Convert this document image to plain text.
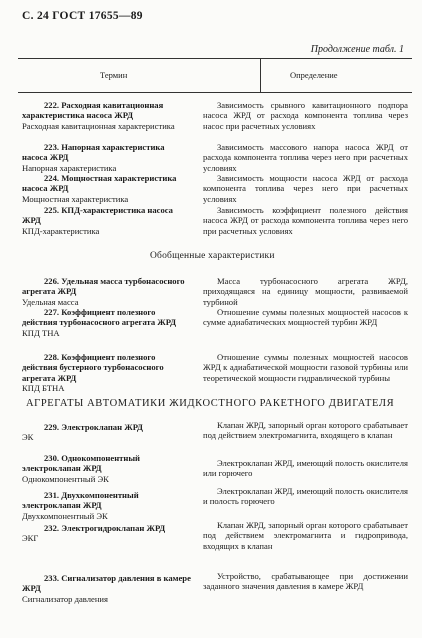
С. 24 ГОСТ 17655—89
Продолжение табл. 1
Термин	Определение

222. Расходная кавитационная характеристика насоса ЖРД

Расходная кавитационная характеристика

Зависимость срывного кавитационного подпора насоса ЖРД от расхода компонента топлива через насос при расчетных условиях

223. Напорная характеристика насоса ЖРД

Напорная характеристика

Зависимость массового напора насоса ЖРД от расхода компонента топлива через него при расчетных условиях

224. Мощностная характеристика насоса ЖРД

Мощностная характеристика

Зависимость мощности насоса ЖРД от расхода компонента топлива через него при расчетных условиях

225. КПД-характеристика насоса ЖРД

КПД-характеристика

Зависимость коэффициент полезного действия насоса ЖРД от расхода компонента топлива через него при расчетных условиях

Обобщенные характеристики

226. Удельная масса турбонасосного агрегата ЖРД

Удельная масса

Масса турбонасосного агрегата ЖРД, приходящаяся на единицу мощности, развиваемой турбиной

227. Коэффициент полезного действия турбонасосного агрегата ЖРД

КПД ТНА

Отношение суммы полезных мощностей насосов к сумме адиабатических мощностей турбин ЖРД

228. Коэффициент полезного действия бустерного турбонасосного агрегата ЖРД

КПД БТНА

Отношение суммы полезных мощностей насосов ЖРД к адиабатической мощности газовой турбины или теоретической мощности гидравлической турбины

АГРЕГАТЫ АВТОМАТИКИ ЖИДКОСТНОГО РАКЕТНОГО ДВИГАТЕЛЯ

229. Электроклапан ЖРД

ЭК

Клапан ЖРД, запорный орган которого срабатывает под действием электромагнита, входящего в клапан

230. Однокомпонентный электроклапан ЖРД

Однокомпонентный ЭК

Электроклапан ЖРД, имеющий полость окислителя или горючего

231. Двухкомпонентный электроклапан ЖРД

Двухкомпонентный ЭК

Электроклапан ЖРД, имеющий полость окислителя и полость горючего

232. Электрогидроклапан ЖРД

ЭКГ

Клапан ЖРД, запорный орган которого срабатывает под действием электромагнита и гидропривода, входящих в клапан

233. Сигнализатор давления в камере ЖРД

Сигнализатор давления

Устройство, срабатывающее при достижении заданного значения давления в камере ЖРД
